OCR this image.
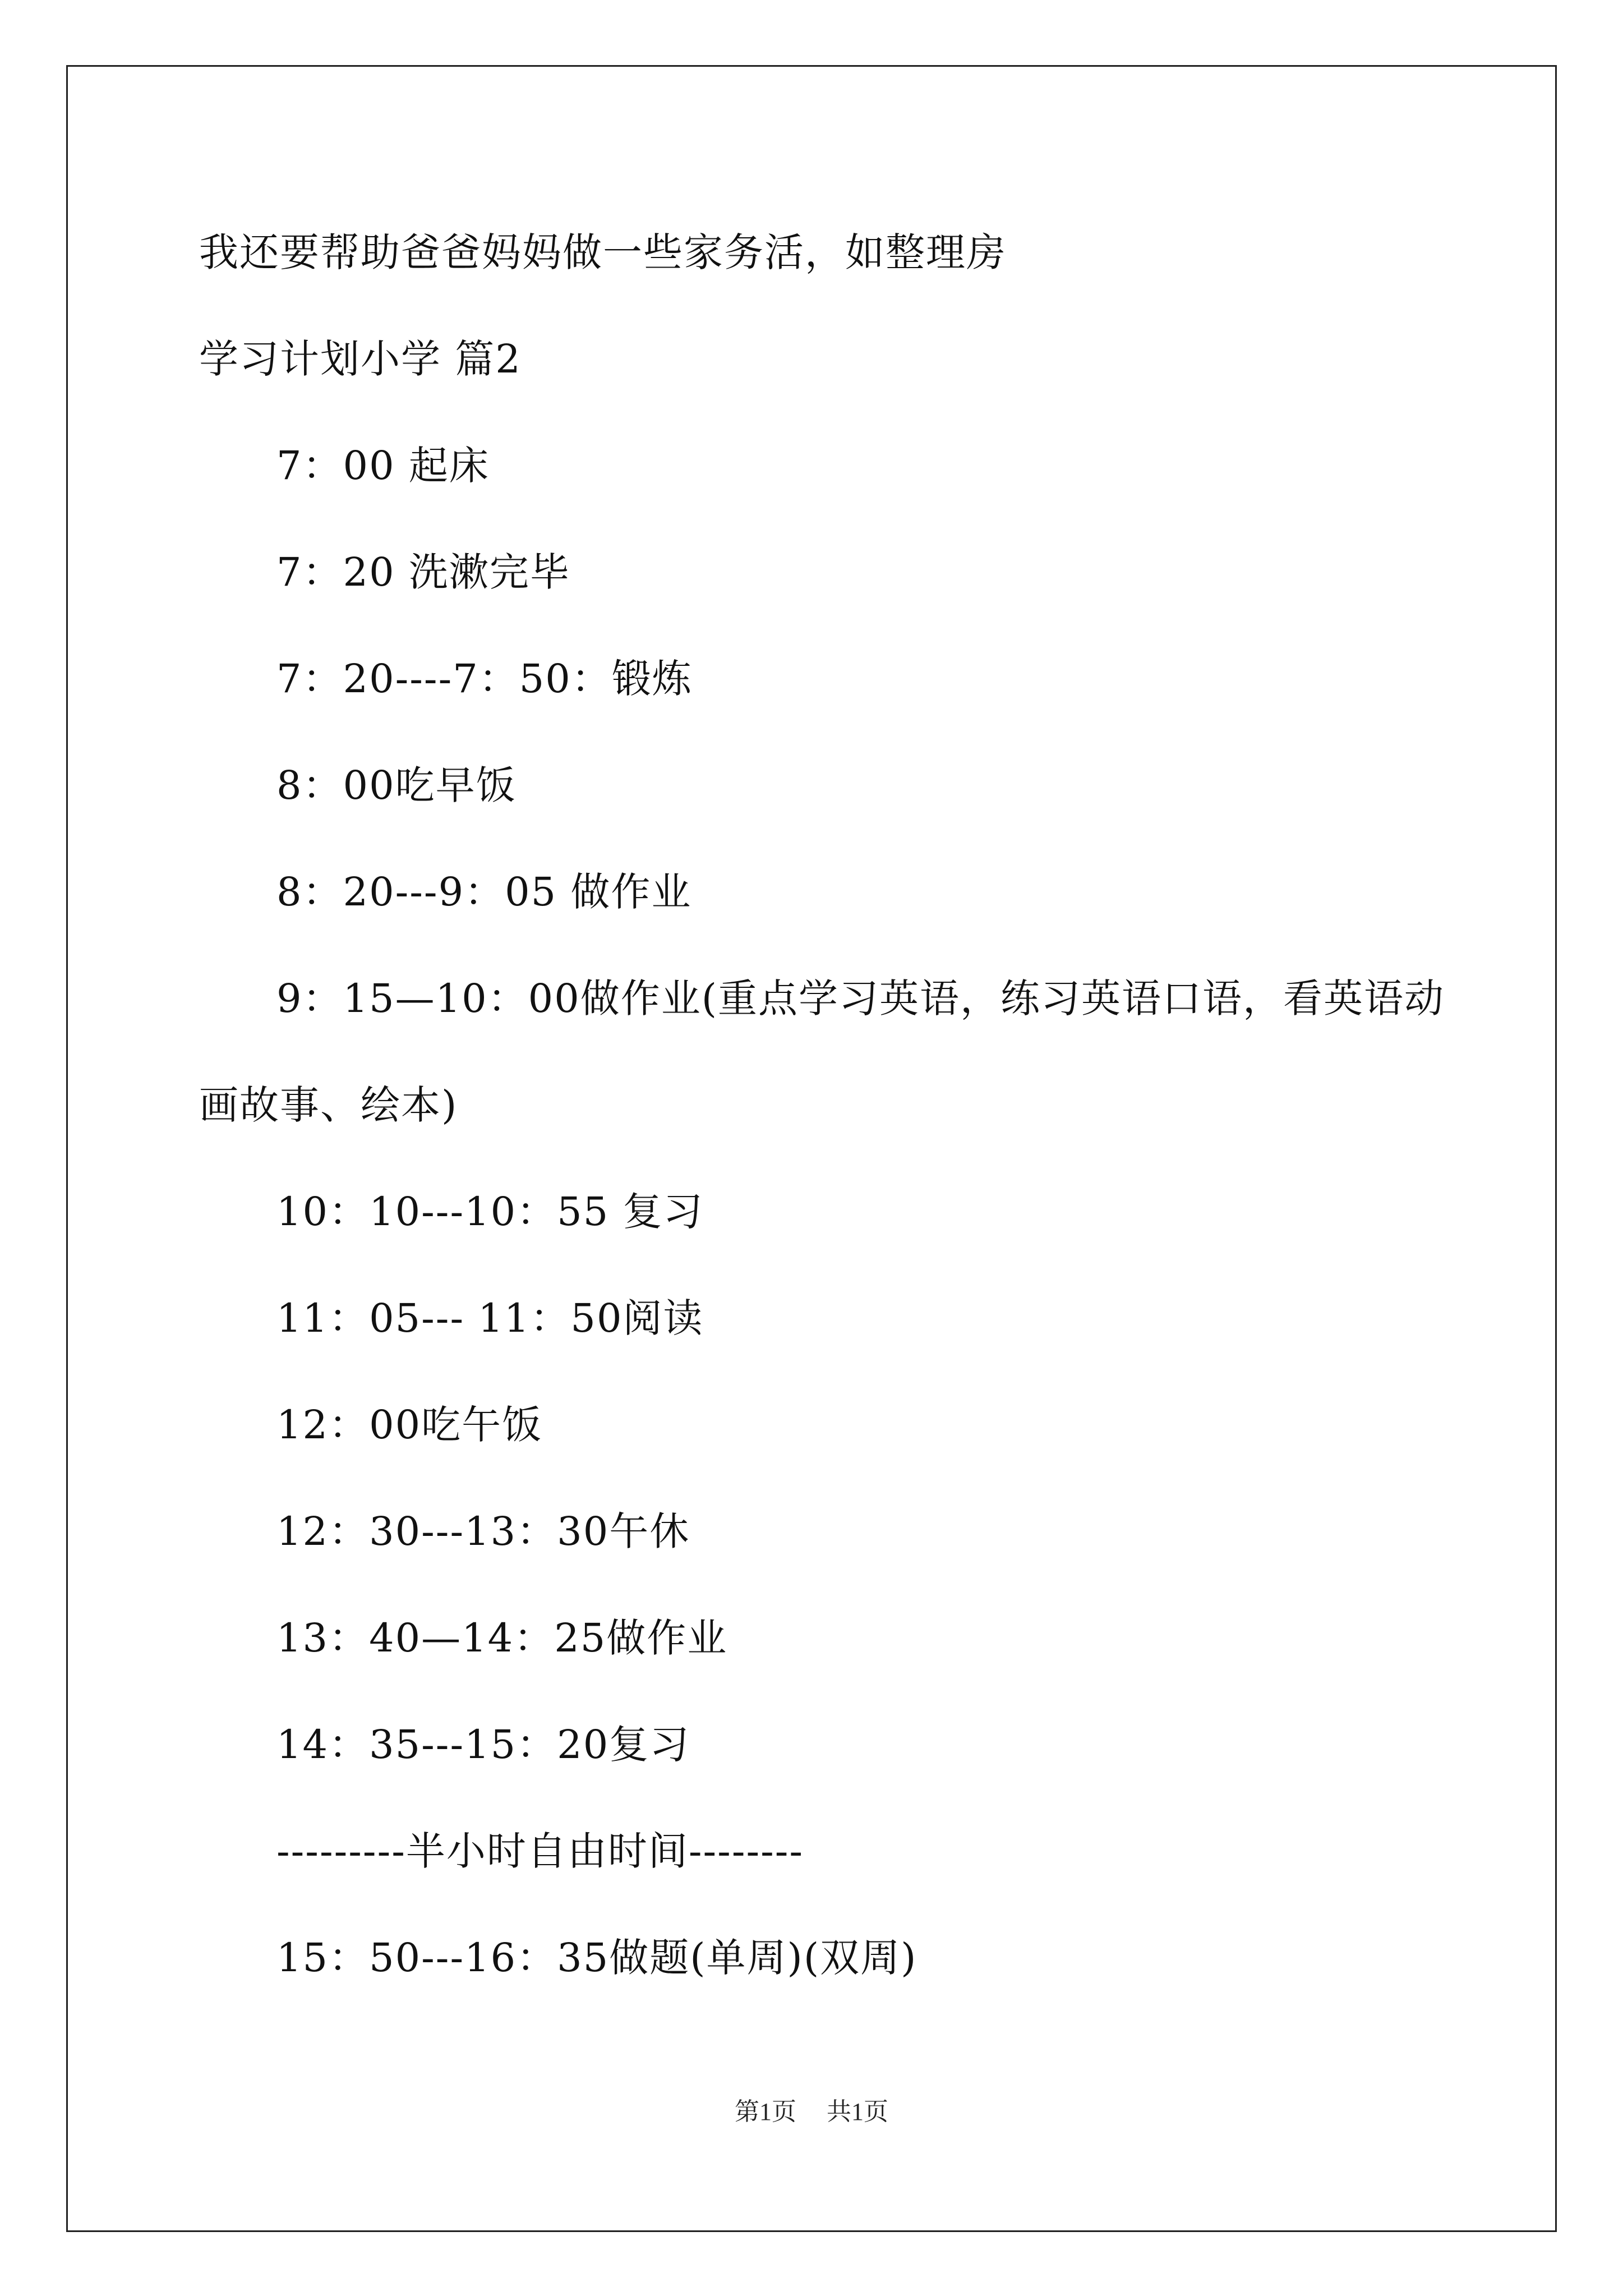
我还要帮助爸爸妈妈做一些家务活，如整理房
学习计划小学 篇2
7：00 起床
7：20 洗漱完毕
7：20----7：50：锻炼
8：00吃早饭
8：20---9：05 做作业
9：15—10：00做作业(重点学习英语，练习英语口语，看英语动
画故事、绘本)
10：10---10：55 复习
11：05--- 11：50阅读
12：00吃午饭
12：30---13：30午休
13：40—14：25做作业
14：35---15：20复习
---------半小时自由时间--------
15：50---16：35做题(单周)(双周)
第1页 共1页
